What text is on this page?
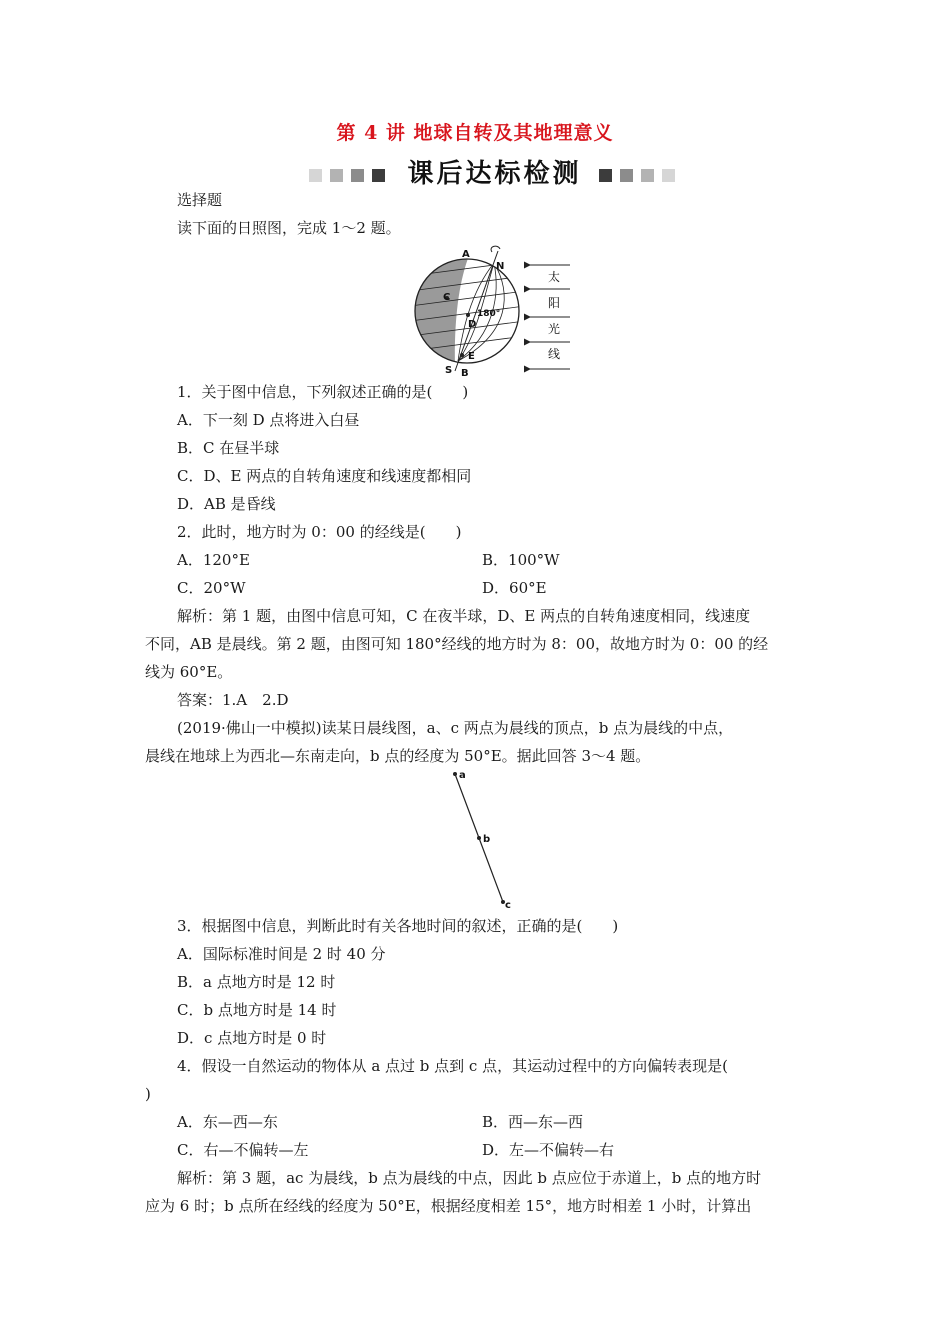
第 4 讲 地球自转及其地理意义
课后达标检测
选择题
读下面的日照图，完成 1～2 题。
A
N
C
180°
D
E
S B
太
阳
光
线
1．关于图中信息，下列叙述正确的是(　　)
A．下一刻 D 点将进入白昼
B．C 在昼半球
C．D、E 两点的自转角速度和线速度都相同
D．AB 是昏线
2．此时，地方时为 0：00 的经线是(　　)
A．120°E	B．100°W
C．20°W	D．60°E
解析：第 1 题，由图中信息可知，C 在夜半球，D、E 两点的自转角速度相同，线速度
不同，AB 是晨线。第 2 题，由图可知 180°经线的地方时为 8：00，故地方时为 0：00 的经
线为 60°E。
答案：1.A　2.D
(2019·佛山一中模拟)读某日晨线图，a、c 两点为晨线的顶点，b 点为晨线的中点，
晨线在地球上为西北—东南走向，b 点的经度为 50°E。据此回答 3～4 题。
a
b
c
3．根据图中信息，判断此时有关各地时间的叙述，正确的是(　　)
A．国际标准时间是 2 时 40 分
B．a 点地方时是 12 时
C．b 点地方时是 14 时
D．c 点地方时是 0 时
4．假设一自然运动的物体从 a 点过 b 点到 c 点，其运动过程中的方向偏转表现是(
)
A．东—西—东	B．西—东—西
C．右—不偏转—左	D．左—不偏转—右
解析：第 3 题，ac 为晨线，b 点为晨线的中点，因此 b 点应位于赤道上，b 点的地方时
应为 6 时；b 点所在经线的经度为 50°E，根据经度相差 15°，地方时相差 1 小时，计算出
